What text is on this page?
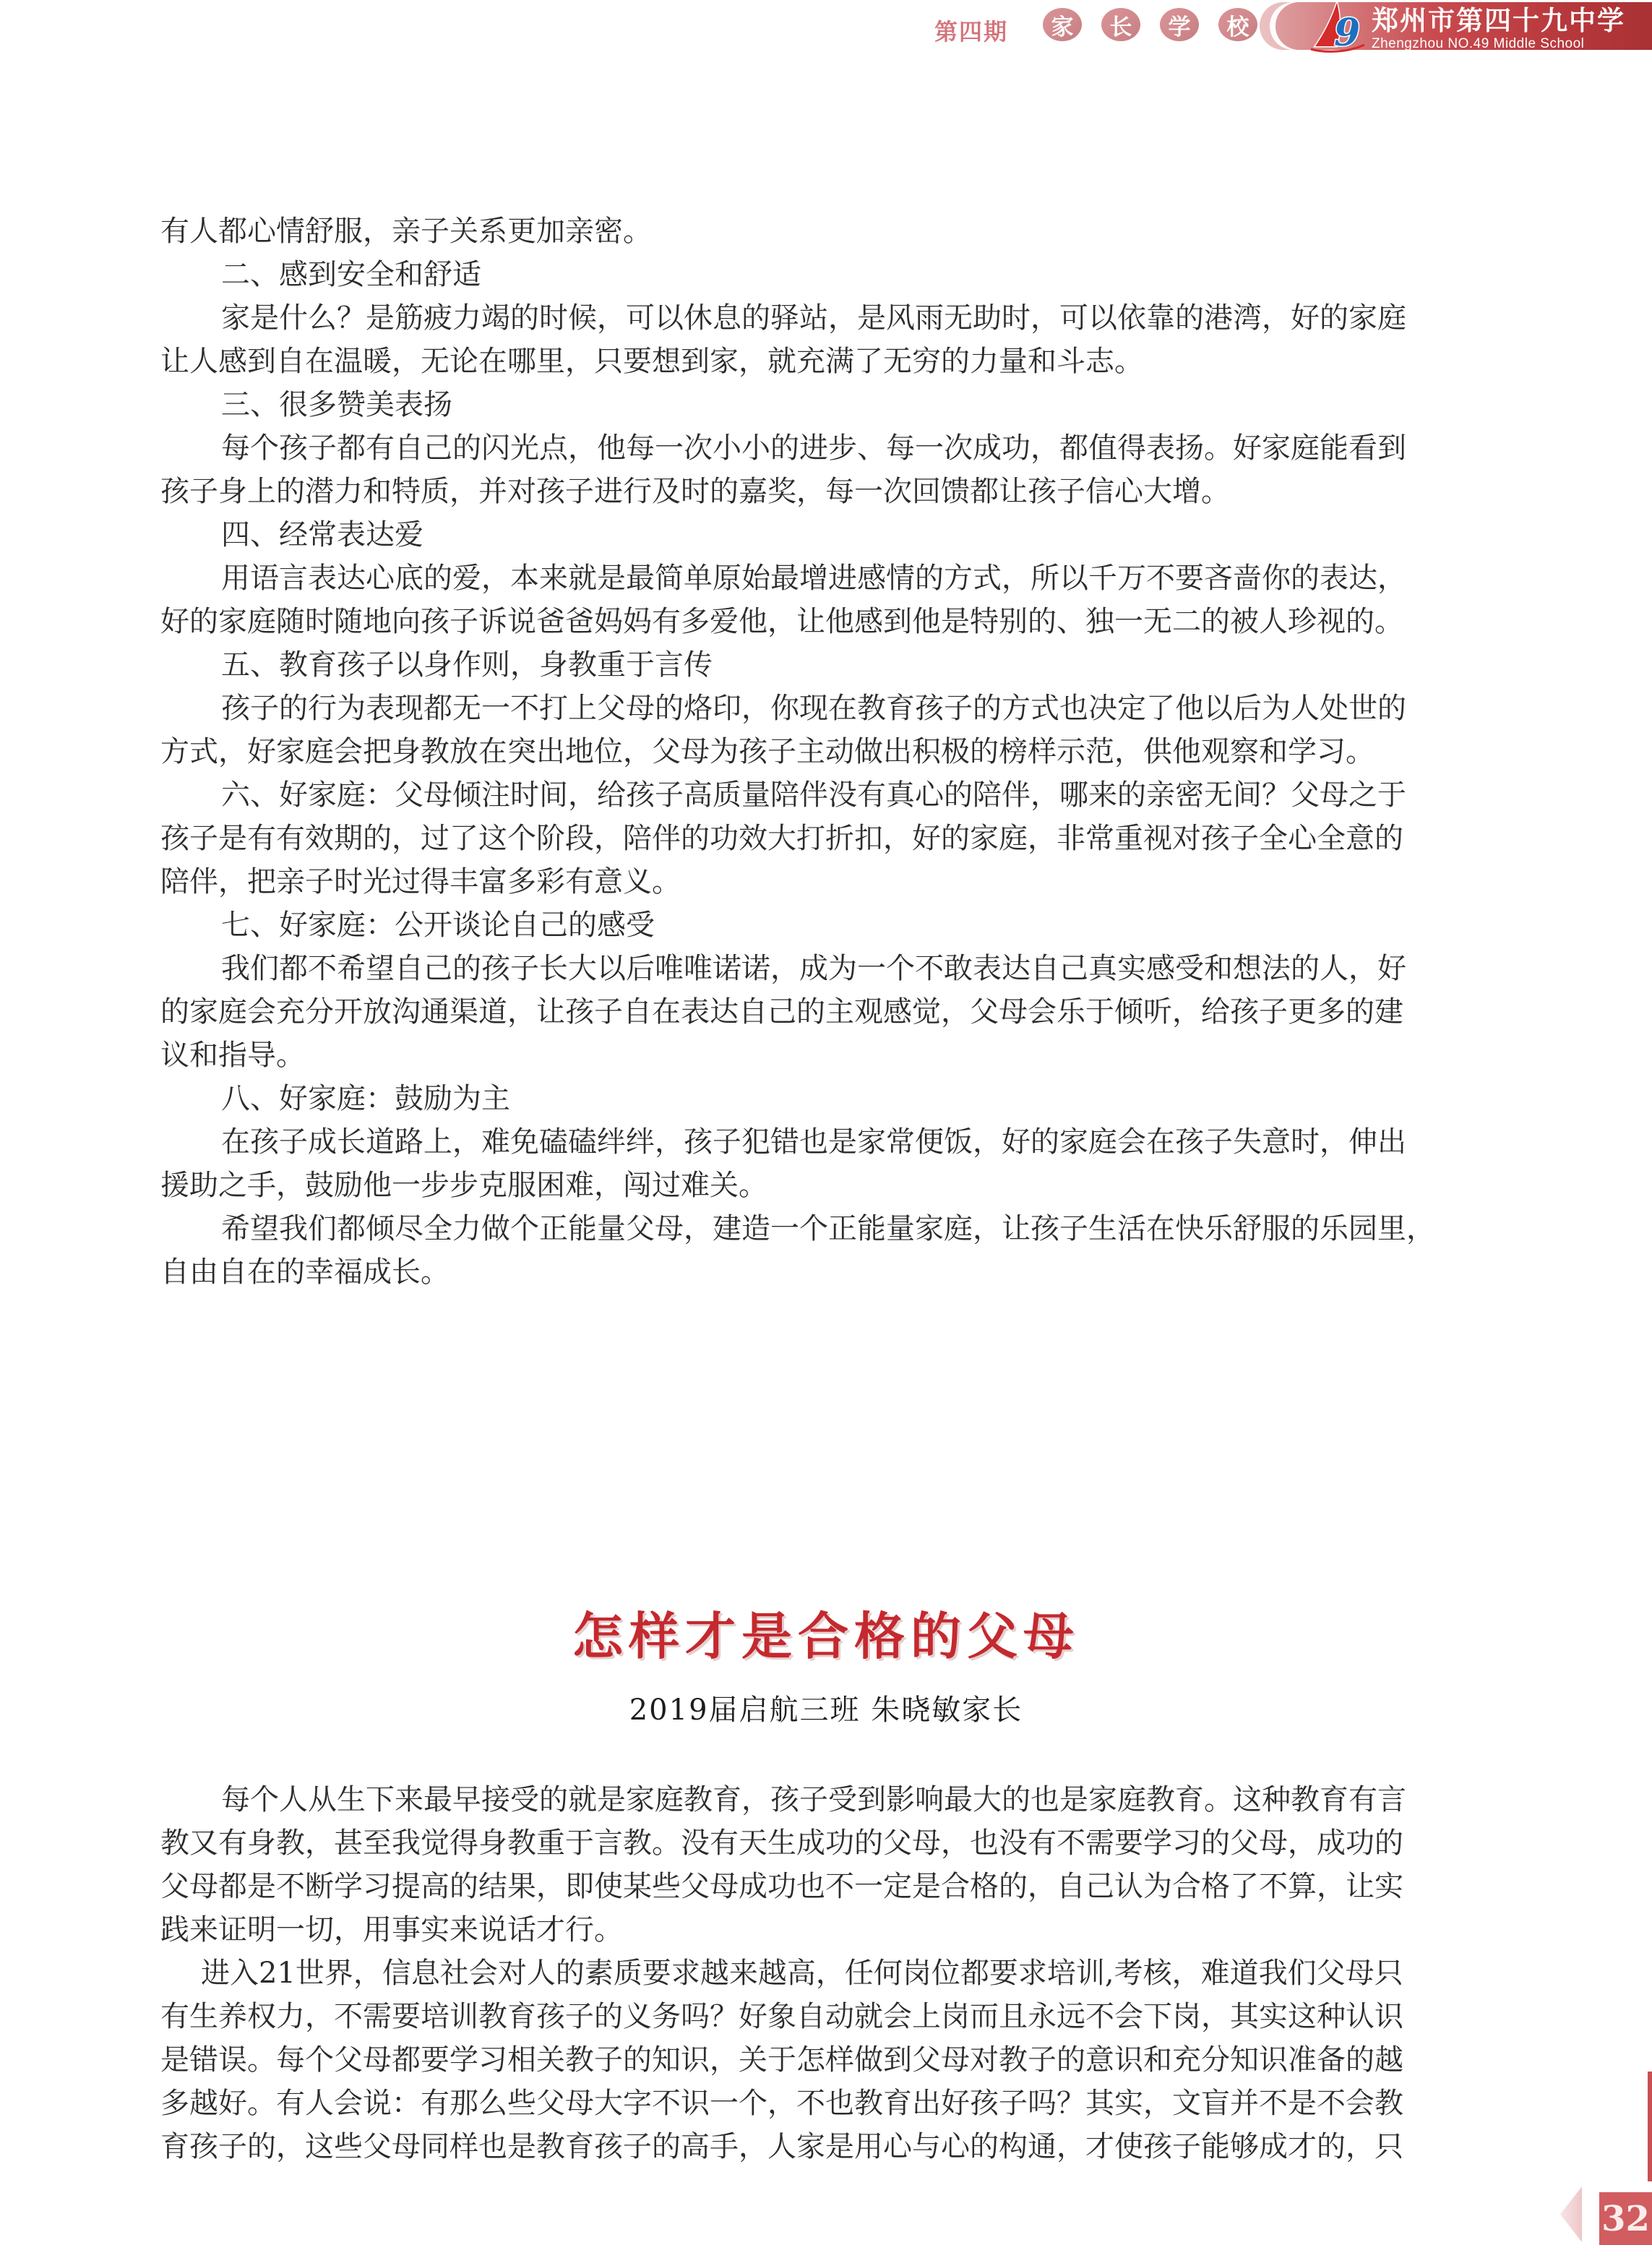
第四期	家	长	学	校 9 郑州市第四十九中学
Zhengzhou NO.49 Middle School
有人都心情舒服，亲子关系更加亲密。
二、感到安全和舒适
家是什么？是筋疲力竭的时候，可以休息的驿站，是风雨无助时，可以依靠的港湾，好的家庭
让人感到自在温暖，无论在哪里，只要想到家，就充满了无穷的力量和斗志。
三、很多赞美表扬
每个孩子都有自己的闪光点，他每一次小小的进步、每一次成功，都值得表扬。好家庭能看到
孩子身上的潜力和特质，并对孩子进行及时的嘉奖，每一次回馈都让孩子信心大增。
四、经常表达爱
用语言表达心底的爱，本来就是最简单原始最增进感情的方式，所以千万不要吝啬你的表达，
好的家庭随时随地向孩子诉说爸爸妈妈有多爱他，让他感到他是特别的、独一无二的被人珍视的。
五、教育孩子以身作则，身教重于言传
孩子的行为表现都无一不打上父母的烙印，你现在教育孩子的方式也决定了他以后为人处世的
方式，好家庭会把身教放在突出地位，父母为孩子主动做出积极的榜样示范，供他观察和学习。
六、好家庭：父母倾注时间，给孩子高质量陪伴没有真心的陪伴，哪来的亲密无间？父母之于
孩子是有有效期的，过了这个阶段，陪伴的功效大打折扣，好的家庭，非常重视对孩子全心全意的
陪伴，把亲子时光过得丰富多彩有意义。
七、好家庭：公开谈论自己的感受
我们都不希望自己的孩子长大以后唯唯诺诺，成为一个不敢表达自己真实感受和想法的人，好
的家庭会充分开放沟通渠道，让孩子自在表达自己的主观感觉，父母会乐于倾听，给孩子更多的建
议和指导。
八、好家庭：鼓励为主
在孩子成长道路上，难免磕磕绊绊，孩子犯错也是家常便饭，好的家庭会在孩子失意时，伸出
援助之手，鼓励他一步步克服困难，闯过难关。
希望我们都倾尽全力做个正能量父母，建造一个正能量家庭，让孩子生活在快乐舒服的乐园里，
自由自在的幸福成长。
怎样才是合格的父母
2019届启航三班 朱晓敏家长
每个人从生下来最早接受的就是家庭教育，孩子受到影响最大的也是家庭教育。这种教育有言
教又有身教，甚至我觉得身教重于言教。没有天生成功的父母，也没有不需要学习的父母，成功的
父母都是不断学习提高的结果，即使某些父母成功也不一定是合格的，自己认为合格了不算，让实
践来证明一切，用事实来说话才行。
进入21世界，信息社会对人的素质要求越来越高，任何岗位都要求培训,考核，难道我们父母只
有生养权力，不需要培训教育孩子的义务吗？好象自动就会上岗而且永远不会下岗，其实这种认识
是错误。每个父母都要学习相关教子的知识，关于怎样做到父母对教子的意识和充分知识准备的越
多越好。有人会说：有那么些父母大字不识一个，不也教育出好孩子吗？其实，文盲并不是不会教
育孩子的，这些父母同样也是教育孩子的高手，人家是用心与心的构通，才使孩子能够成才的，只
32
